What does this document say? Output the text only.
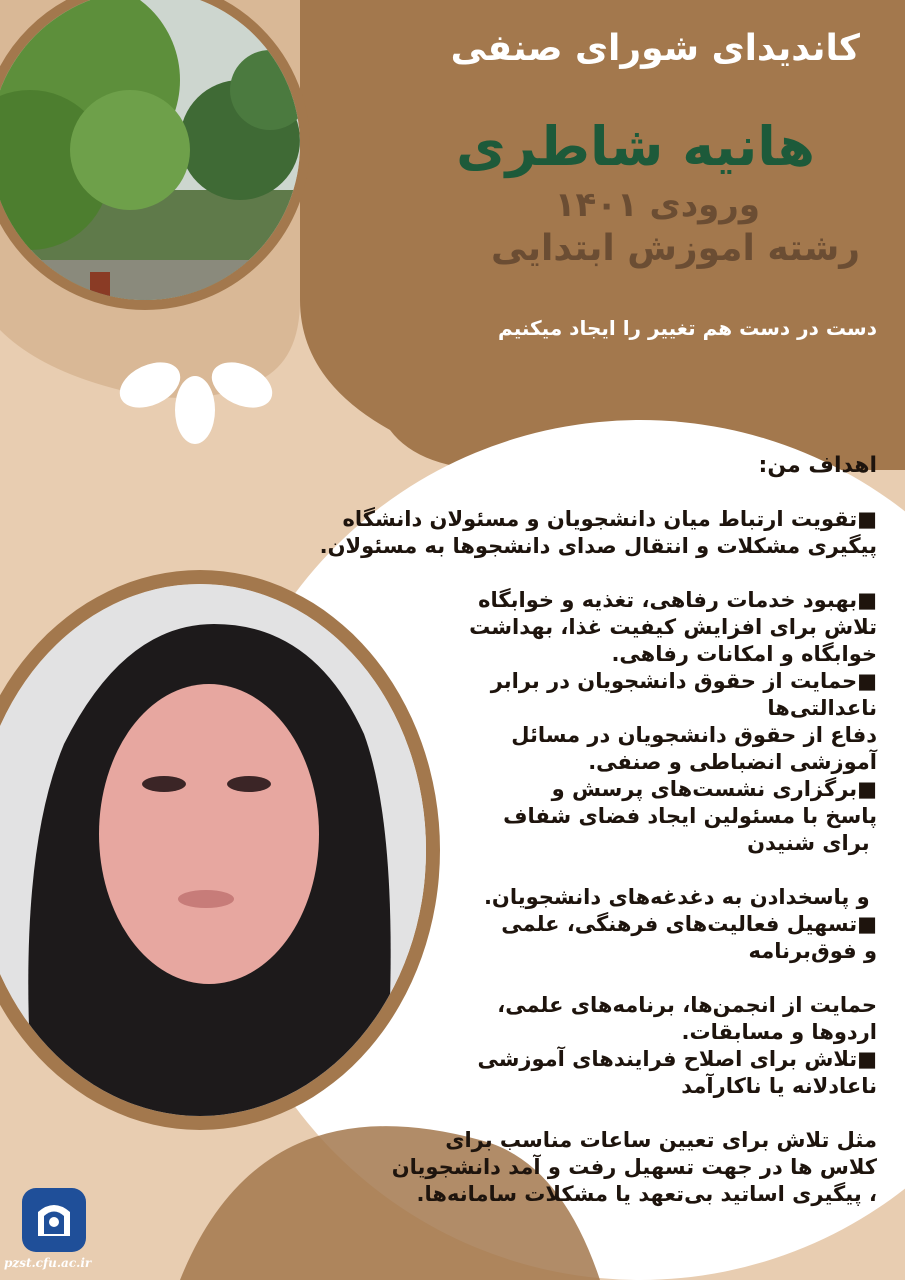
کاندیدای شورای صنفی
هانیه شاطری
ورودی ۱۴۰۱
رشته اموزش ابتدایی
دست در دست هم تغییر را ایجاد میکنیم
اهداف من:
■تقویت ارتباط میان دانشجویان و مسئولان دانشگاه
پیگیری مشکلات و انتقال صدای دانشجوها به مسئولان.
■بهبود خدمات رفاهی، تغذیه و خوابگاه
تلاش برای افزایش کیفیت غذا، بهداشت
خوابگاه و امکانات رفاهی.
■حمایت از حقوق دانشجویان در برابر
ناعدالتی‌ها
دفاع از حقوق دانشجویان در مسائل
آموزشی انضباطی و صنفی.
■برگزاری نشست‌های پرسش و
پاسخ با مسئولین ایجاد فضای شفاف
برای شنیدن
و پاسخدادن به دغدغه‌های دانشجویان.
■تسهیل فعالیت‌های فرهنگی، علمی
و فوق‌برنامه
حمایت از انجمن‌ها، برنامه‌های علمی،
اردوها و مسابقات.
■تلاش برای اصلاح فرایندهای آموزشی
ناعادلانه یا ناکارآمد
مثل تلاش برای تعیین ساعات مناسب برای
کلاس ها در جهت تسهیل رفت و آمد دانشجویان
، پیگیری اساتید بی‌تعهد یا مشکلات سامانه‌ها.
pzst.cfu.ac.ir
